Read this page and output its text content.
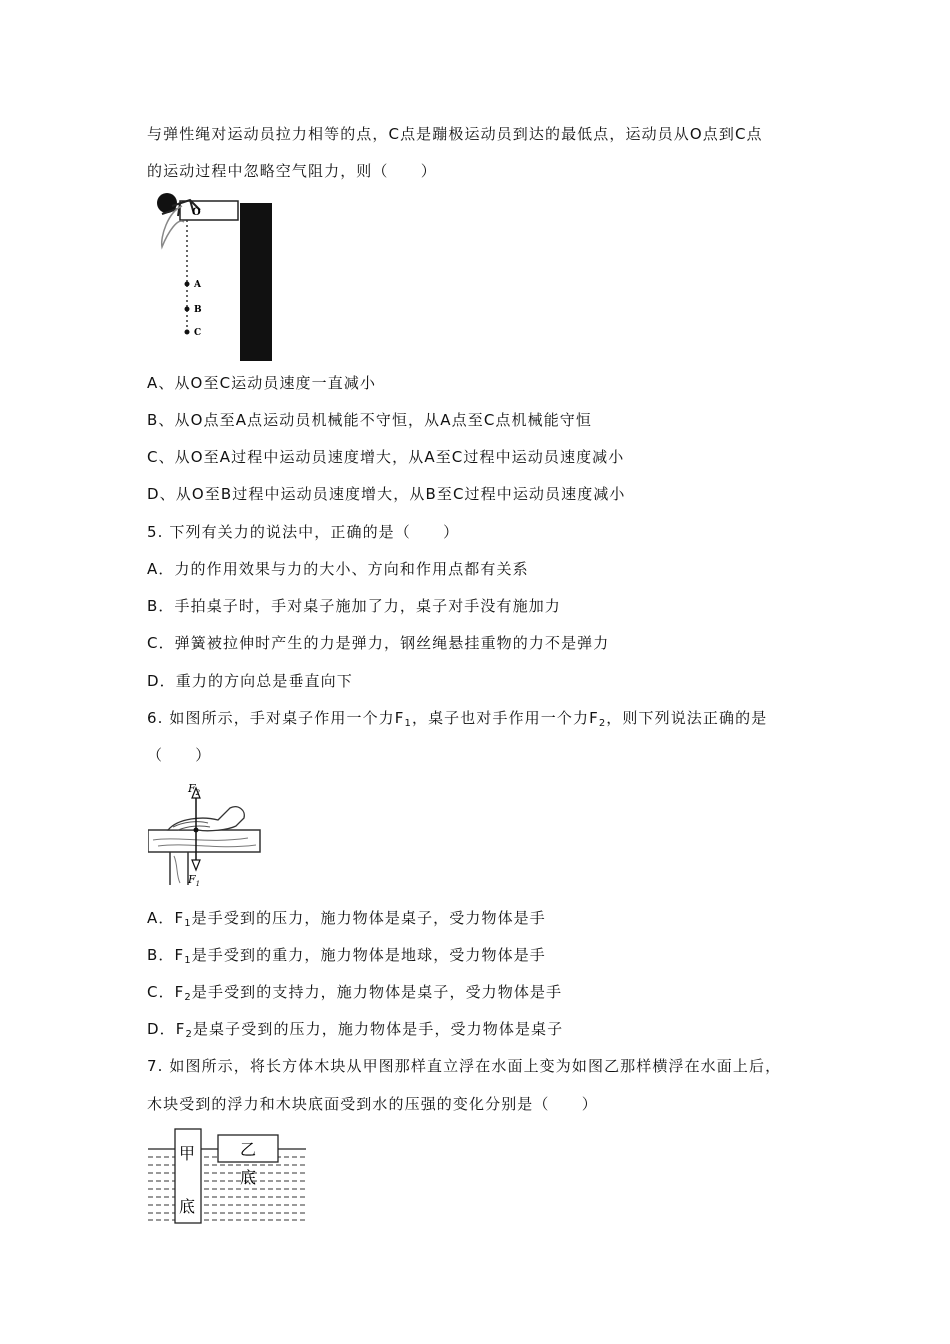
与弹性绳对运动员拉力相等的点，C点是蹦极运动员到达的最低点，运动员从O点到C点
的运动过程中忽略空气阻力，则（　　）
O
A
B
C
A、从O至C运动员速度一直减小
B、从O点至A点运动员机械能不守恒，从A点至C点机械能守恒
C、从O至A过程中运动员速度增大，从A至C过程中运动员速度减小
D、从O至B过程中运动员速度增大，从B至C过程中运动员速度减小
5. 下列有关力的说法中，正确的是（　　）
A．力的作用效果与力的大小、方向和作用点都有关系
B．手拍桌子时，手对桌子施加了力，桌子对手没有施加力
C．弹簧被拉伸时产生的力是弹力，钢丝绳悬挂重物的力不是弹力
D．重力的方向总是垂直向下
6. 如图所示，手对桌子作用一个力$F_1$，桌子也对手作用一个力$F_2$，则下列说法正确的是
（　　）
$F_2$
$F_1$
A．$F_1$是手受到的压力，施力物体是桌子，受力物体是手
B．$F_1$是手受到的重力，施力物体是地球，受力物体是手
C．$F_2$是手受到的支持力，施力物体是桌子，受力物体是手
D．$F_2$是桌子受到的压力，施力物体是手，受力物体是桌子
7. 如图所示，将长方体木块从甲图那样直立浮在水面上变为如图乙那样横浮在水面上后，
木块受到的浮力和木块底面受到水的压强的变化分别是（　　）
甲	乙
底
底
